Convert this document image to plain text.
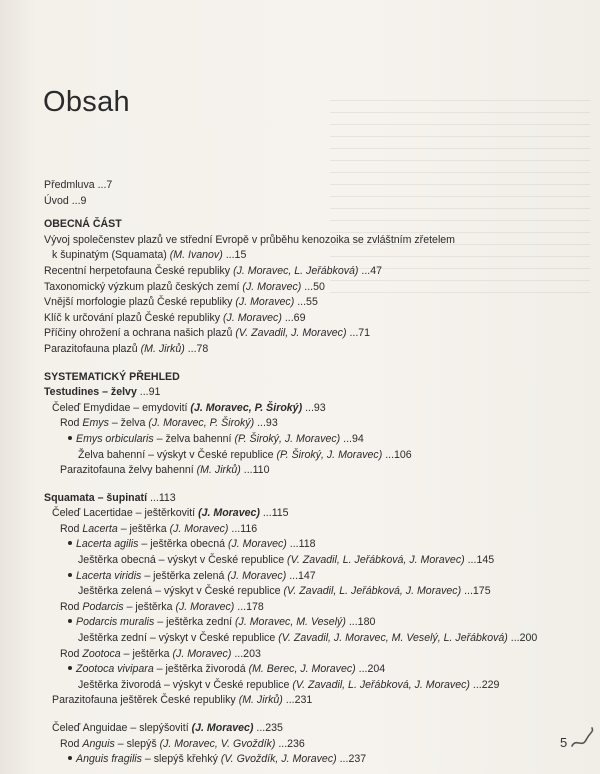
Obsah
Předmluva ...7
Úvod ...9
OBECNÁ ČÁST
Vývoj společenstev plazů ve střední Evropě v průběhu kenozoika se zvláštním zřetelem
k šupinatým (Squamata) (M. Ivanov) ...15
Recentní herpetofauna České republiky (J. Moravec, L. Jeřábková) ...47
Taxonomický výzkum plazů českých zemí (J. Moravec) ...50
Vnější morfologie plazů České republiky (J. Moravec) ...55
Klíč k určování plazů České republiky (J. Moravec) ...69
Příčiny ohrožení a ochrana našich plazů (V. Zavadil, J. Moravec) ...71
Parazitofauna plazů (M. Jirků) ...78
SYSTEMATICKÝ PŘEHLED
Testudines – želvy ...91
Čeleď Emydidae – emydovití (J. Moravec, P. Široký) ...93
Rod Emys – želva (J. Moravec, P. Široký) ...93
Emys orbicularis – želva bahenní (P. Široký, J. Moravec) ...94
Želva bahenní – výskyt v České republice (P. Široký, J. Moravec) ...106
Parazitofauna želvy bahenní (M. Jirků) ...110
Squamata – šupinatí ...113
Čeleď Lacertidae – ještěrkovití (J. Moravec) ...115
Rod Lacerta – ještěrka (J. Moravec) ...116
Lacerta agilis – ještěrka obecná (J. Moravec) ...118
Ještěrka obecná – výskyt v České republice (V. Zavadil, L. Jeřábková, J. Moravec) ...145
Lacerta viridis – ještěrka zelená (J. Moravec) ...147
Ještěrka zelená – výskyt v České republice (V. Zavadil, L. Jeřábková, J. Moravec) ...175
Rod Podarcis – ještěrka (J. Moravec) ...178
Podarcis muralis – ještěrka zední (J. Moravec, M. Veselý) ...180
Ještěrka zední – výskyt v České republice (V. Zavadil, J. Moravec, M. Veselý, L. Jeřábková) ...200
Rod Zootoca – ještěrka (J. Moravec) ...203
Zootoca vivipara – ještěrka živorodá (M. Berec, J. Moravec) ...204
Ještěrka živorodá – výskyt v České republice (V. Zavadil, L. Jeřábková, J. Moravec) ...229
Parazitofauna ještěrek České republiky (M. Jirků) ...231
Čeleď Anguidae – slepýšovití (J. Moravec) ...235
Rod Anguis – slepýš (J. Moravec, V. Gvoždík) ...236
Anguis fragilis – slepýš křehký (V. Gvoždík, J. Moravec) ...237
5
